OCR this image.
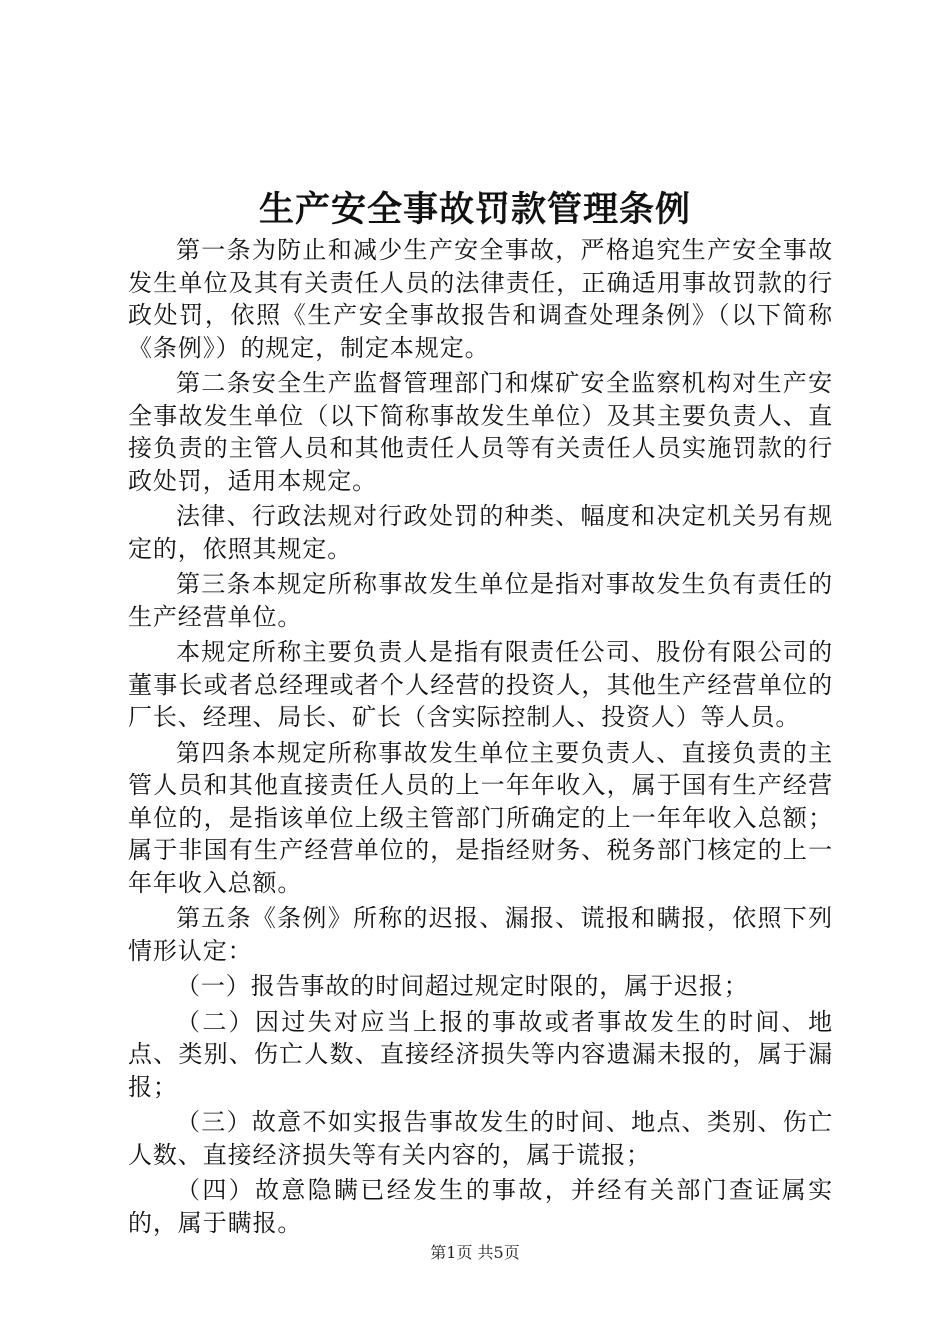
生产安全事故罚款管理条例

第一条为防止和减少生产安全事故，严格追究生产安全事故发生单位及其有关责任人员的法律责任，正确适用事故罚款的行政处罚，依照《生产安全事故报告和调查处理条例》（以下简称《条例》）的规定，制定本规定。

第二条安全生产监督管理部门和煤矿安全监察机构对生产安全事故发生单位（以下简称事故发生单位）及其主要负责人、直接负责的主管人员和其他责任人员等有关责任人员实施罚款的行政处罚，适用本规定。

法律、行政法规对行政处罚的种类、幅度和决定机关另有规定的，依照其规定。

第三条本规定所称事故发生单位是指对事故发生负有责任的生产经营单位。

本规定所称主要负责人是指有限责任公司、股份有限公司的董事长或者总经理或者个人经营的投资人，其他生产经营单位的厂长、经理、局长、矿长（含实际控制人、投资人）等人员。

第四条本规定所称事故发生单位主要负责人、直接负责的主管人员和其他直接责任人员的上一年年收入，属于国有生产经营单位的，是指该单位上级主管部门所确定的上一年年收入总额；属于非国有生产经营单位的，是指经财务、税务部门核定的上一年年收入总额。

第五条《条例》所称的迟报、漏报、谎报和瞒报，依照下列情形认定：

（一）报告事故的时间超过规定时限的，属于迟报；

（二）因过失对应当上报的事故或者事故发生的时间、地点、类别、伤亡人数、直接经济损失等内容遗漏未报的，属于漏报；

（三）故意不如实报告事故发生的时间、地点、类别、伤亡人数、直接经济损失等有关内容的，属于谎报；

（四）故意隐瞒已经发生的事故，并经有关部门查证属实的，属于瞒报。

第1页 共5页
